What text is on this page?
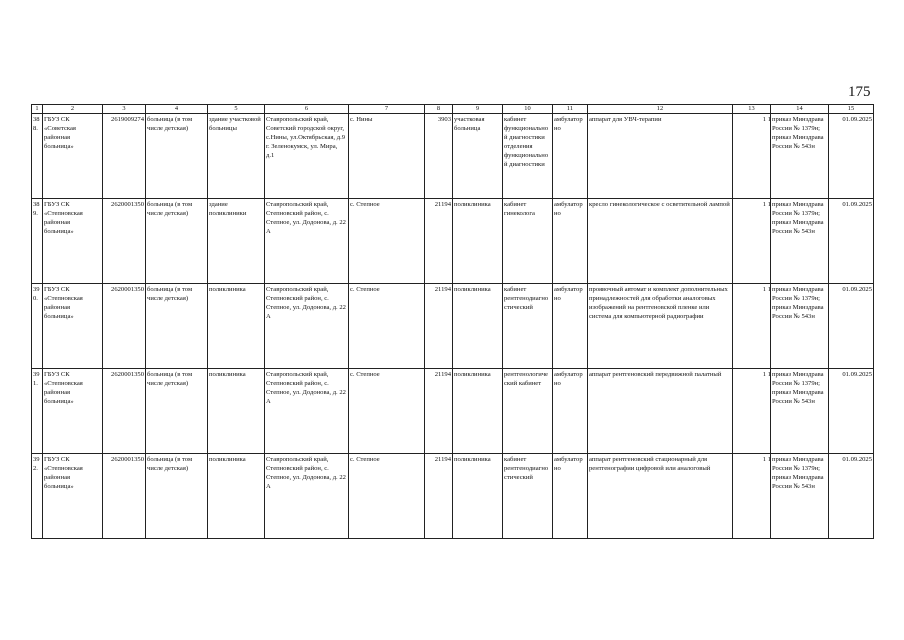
175
1	2	3	4	5	6	7	8	9	10	11	12	13	14	15
388.	ГБУЗ СК «Советская районная больница»	2619009274	больница (в том числе детская)	здание участковой больницы	Ставропольский край, Советский городской округ, с.Нины, ул.Октябрьская, д.9 г. Зеленокумск, ул. Мира, д.1	с. Нины	3903	участковая больница	кабинет функциональной диагностики отделения функциональной диагностики	амбулаторно	аппарат для УВЧ-терапии	1 1	приказ Минздрава России № 1379н; приказ Минздрава России № 543н	01.09.2025
389.	ГБУЗ СК «Степновская районная больница»	2620001350	больница (в том числе детская)	здание поликлиники	Ставропольский край, Степновский район, с. Степное, ул. Додонова, д. 22 А	с. Степное	21194	поликлиника	кабинет гинекологa	амбулаторно	кресло гинекологическое с осветительной лампой	1 1	приказ Минздрава России № 1379н; приказ Минздрава России № 543н	01.09.2025
390.	ГБУЗ СК «Степновская районная больница»	2620001350	больница (в том числе детская)	поликлиника	Ставропольский край, Степновский район, с. Степное, ул. Додонова, д. 22 А	с. Степное	21194	поликлиника	кабинет рентгенодиагностический	амбулаторно	проявочный автомат и комплект дополнительных принадлежностей для обработки аналоговых изображений на рентгеновской пленке или система для компьютерной радиографии	1 1	приказ Минздрава России № 1379н; приказ Минздрава России № 543н	01.09.2025
391.	ГБУЗ СК «Степновская районная больница»	2620001350	больница (в том числе детская)	поликлиника	Ставропольский край, Степновский район, с. Степное, ул. Додонова, д. 22 А	с. Степное	21194	поликлиника	рентгенологический кабинет	амбулаторно	аппарат рентгеновский передвижной палатный	1 1	приказ Минздрава России № 1379н; приказ Минздрава России № 543н	01.09.2025
392.	ГБУЗ СК «Степновская районная больница»	2620001350	больница (в том числе детская)	поликлиника	Ставропольский край, Степновский район, с. Степное, ул. Додонова, д. 22 А	с. Степное	21194	поликлиника	кабинет рентгенодиагностический	амбулаторно	аппарат рентгеновский стационарный для рентгенографии цифровой или аналоговый	1 1	приказ Минздрава России № 1379н; приказ Минздрава России № 543н	01.09.2025
